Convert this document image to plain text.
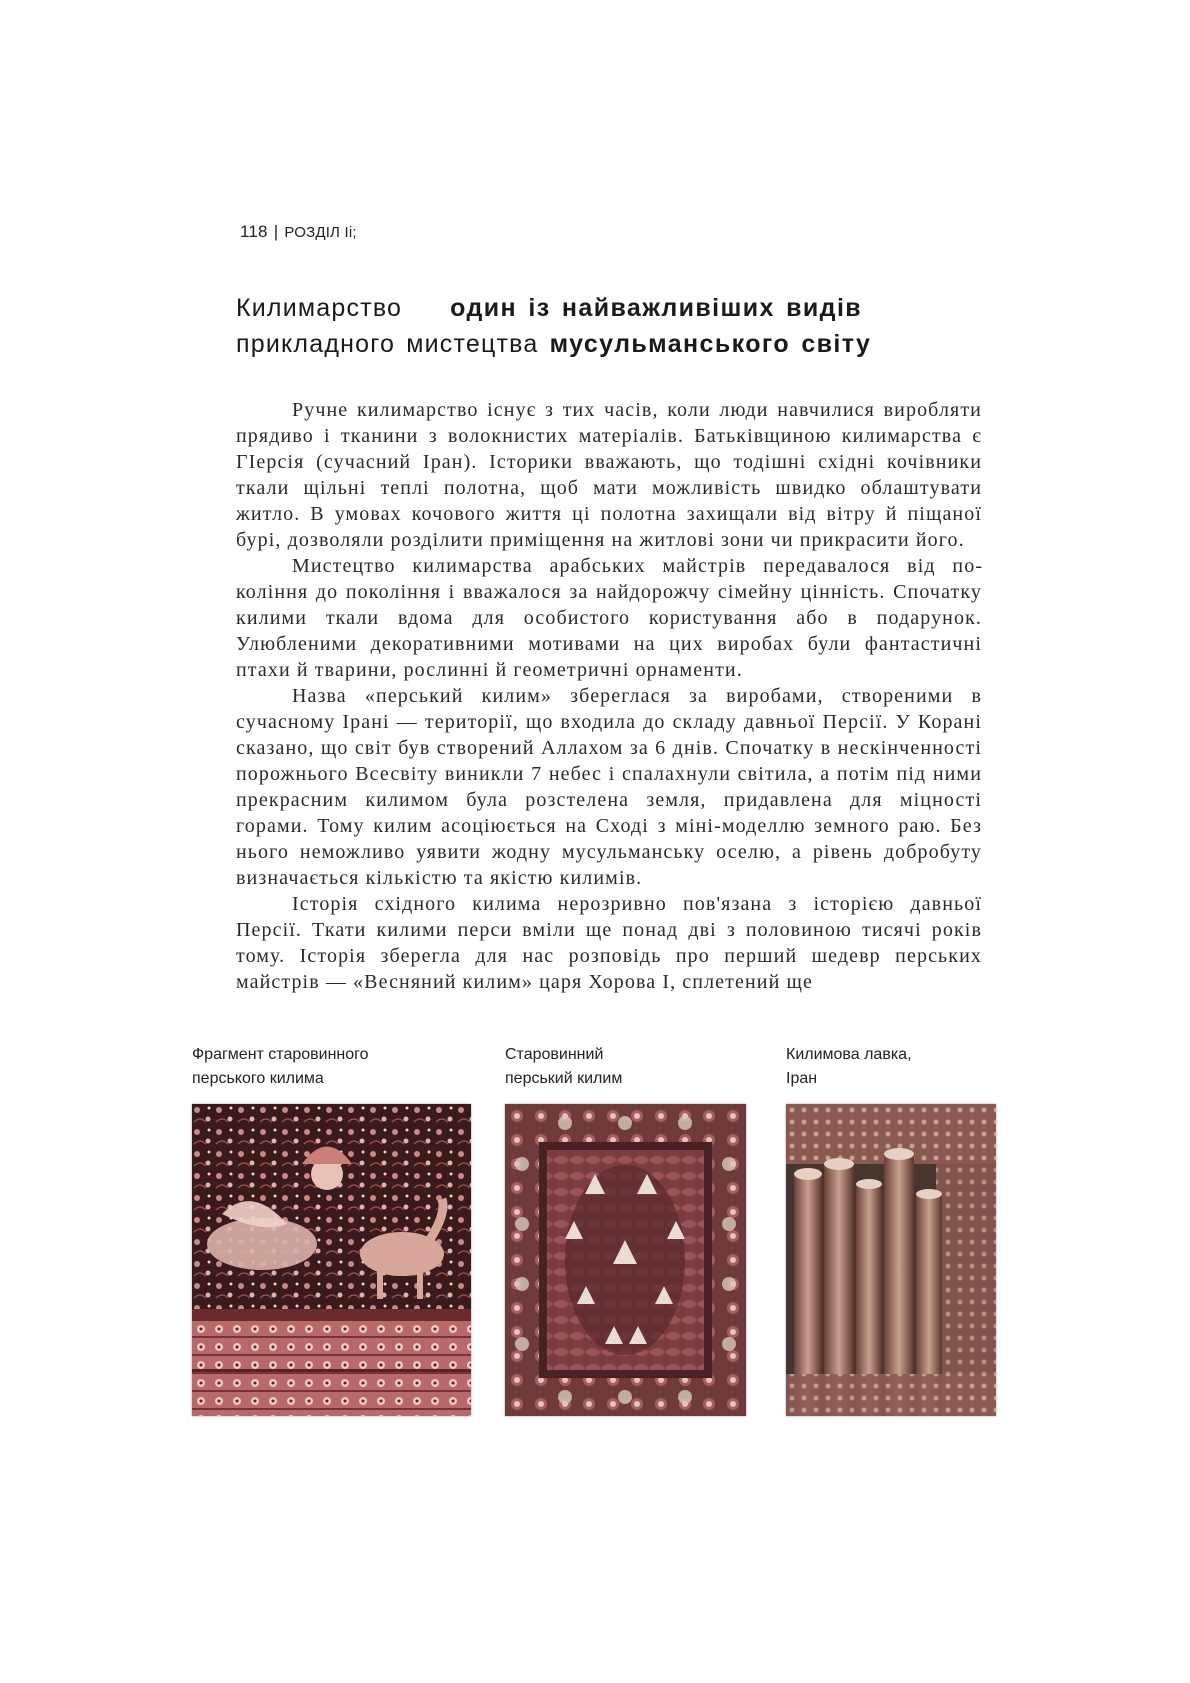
118 | РОЗДІЛ Ii;
Килимарство один із найважливіших видів
прикладного мистецтва мусульманського світу

Ручне килимарство існує з тих часів, коли люди навчилися виробляти прядиво і тканини з волокнистих матеріалів. Батьківщиною килимарства є ГІерсія (сучасний Іран). Історики вважають, що тодішні східні кочівники ткали щільні теплі полотна, щоб мати можливість швидко облаштувати житло. В умовах кочового життя ці полотна захищали від вітру й піщаної бурі, дозволяли розділити приміщення на житлові зони чи прикрасити його.

Мистецтво килимарства арабських майстрів передавалося від покоління до покоління і вважалося за найдорожчу сімейну цінність. Спочатку килими ткали вдома для особистого користування або в подарунок. Улюбленими декоративними мотивами на цих виробах були фантастичні птахи й тварини, рослинні й геометричні орнаменти.

Назва «перський килим» збереглася за виробами, створеними в сучасному Ірані — території, що входила до складу давньої Персії. У Корані сказано, що світ був створений Аллахом за 6 днів. Спочатку в нескінченності порожнього Всесвіту виникли 7 небес і спалахнули світила, а потім під ними прекрасним килимом була розстелена земля, придавлена для міцності горами. Тому килим асоціюється на Сході з міні-моделлю земного раю. Без нього неможливо уявити жодну мусульманську оселю, а рівень добробуту визначається кількістю та якістю килимів.

Історія східного килима нерозривно пов'язана з історією давньої Персії. Ткати килими перси вміли ще понад дві з половиною тисячі років тому. Історія зберегла для нас розповідь про перший шедевр перських майстрів — «Весняний килим» царя Хорова І, сплетений ще

Фрагмент старовинного
перського килима
Старовинний
перський килим
Килимова лавка,
Іран
